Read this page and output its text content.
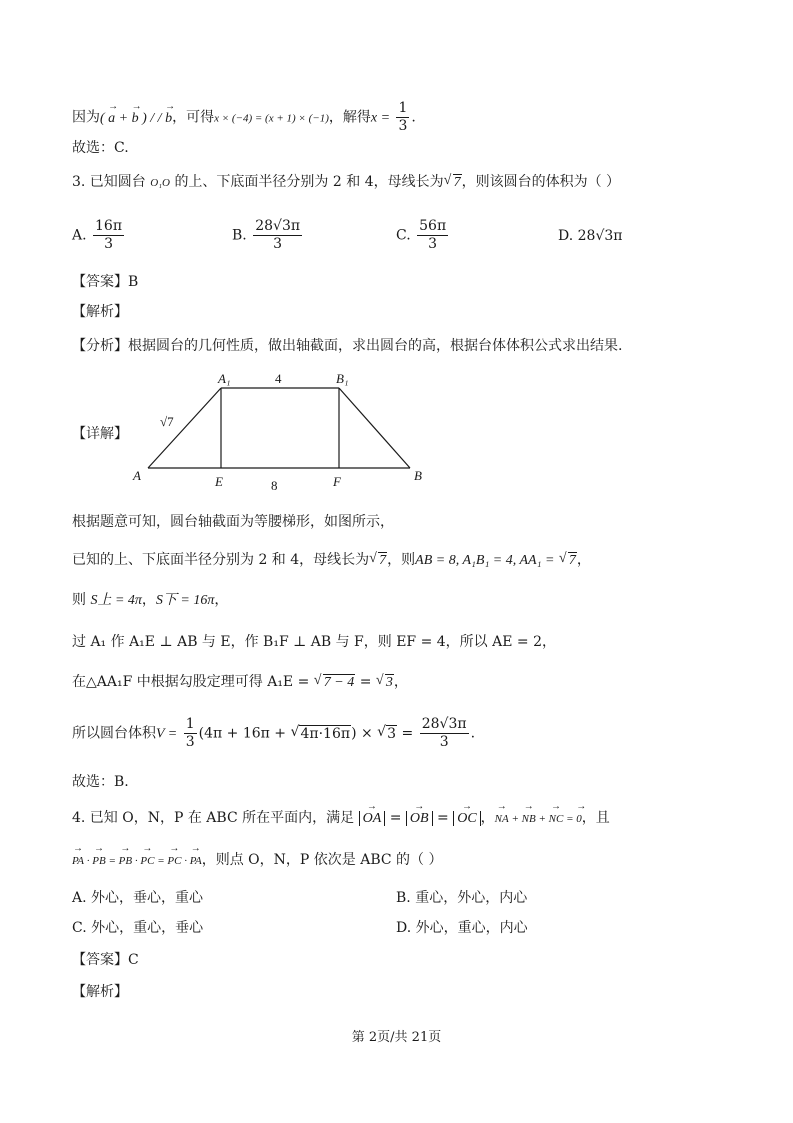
因为( → a + → b ) / / → b，可得x × (−4) = (x + 1) × (−1)，解得$x = \frac{1}{3}$ .
故选：C.
3. 已知圆台 O₁O 的上、下底面半径分别为 2 和 4，母线长为 √ 7，则该圆台的体积为（ ）
A. $\frac{16\pi}{3}$	B. $\frac{28√3\pi}{3}$	C. $\frac{56\pi}{3}$	D. 28√3π
【答案】B
【解析】
【分析】根据圆台的几何性质，做出轴截面，求出圆台的高，根据台体体积公式求出结果.
【详解】
A
A₁	B₁
B
E	F
4
8
√7
根据题意可知，圆台轴截面为等腰梯形，如图所示，
已知的上、下底面半径分别为 2 和 4，母线长为 √ 7，则AB = 8, A₁B₁ = 4, AA₁ = √ 7，
则 S上 = 4π，S下 = 16π，
过 A₁ 作 A₁E ⊥ AB 与 E，作 B₁F ⊥ AB 与 F，则 EF = 4，所以 AE = 2，
在△AA₁F 中根据勾股定理可得 A₁E = √ 7 − 4 = √ 3，
所以圆台体积$V = \frac{1}{3} (4\pi + 16\pi$ + √ 4π·16π) × √ $3 = \frac{28√3\pi}{3}$ .
故选：B.
4. 已知 O，N，P 在 ABC 所在平面内，满足 → OA = → OB = → OC ，→ NA + → NB + → NC = → 0，且
→ PA · → PB = → PB · → PC = → PC · → PA，则点 O，N，P 依次是 ABC 的（ ）
A. 外心，垂心，重心	B. 重心，外心，内心
C. 外心，重心，垂心	D. 外心，重心，内心
【答案】C
【解析】
第 2页/共 21页
